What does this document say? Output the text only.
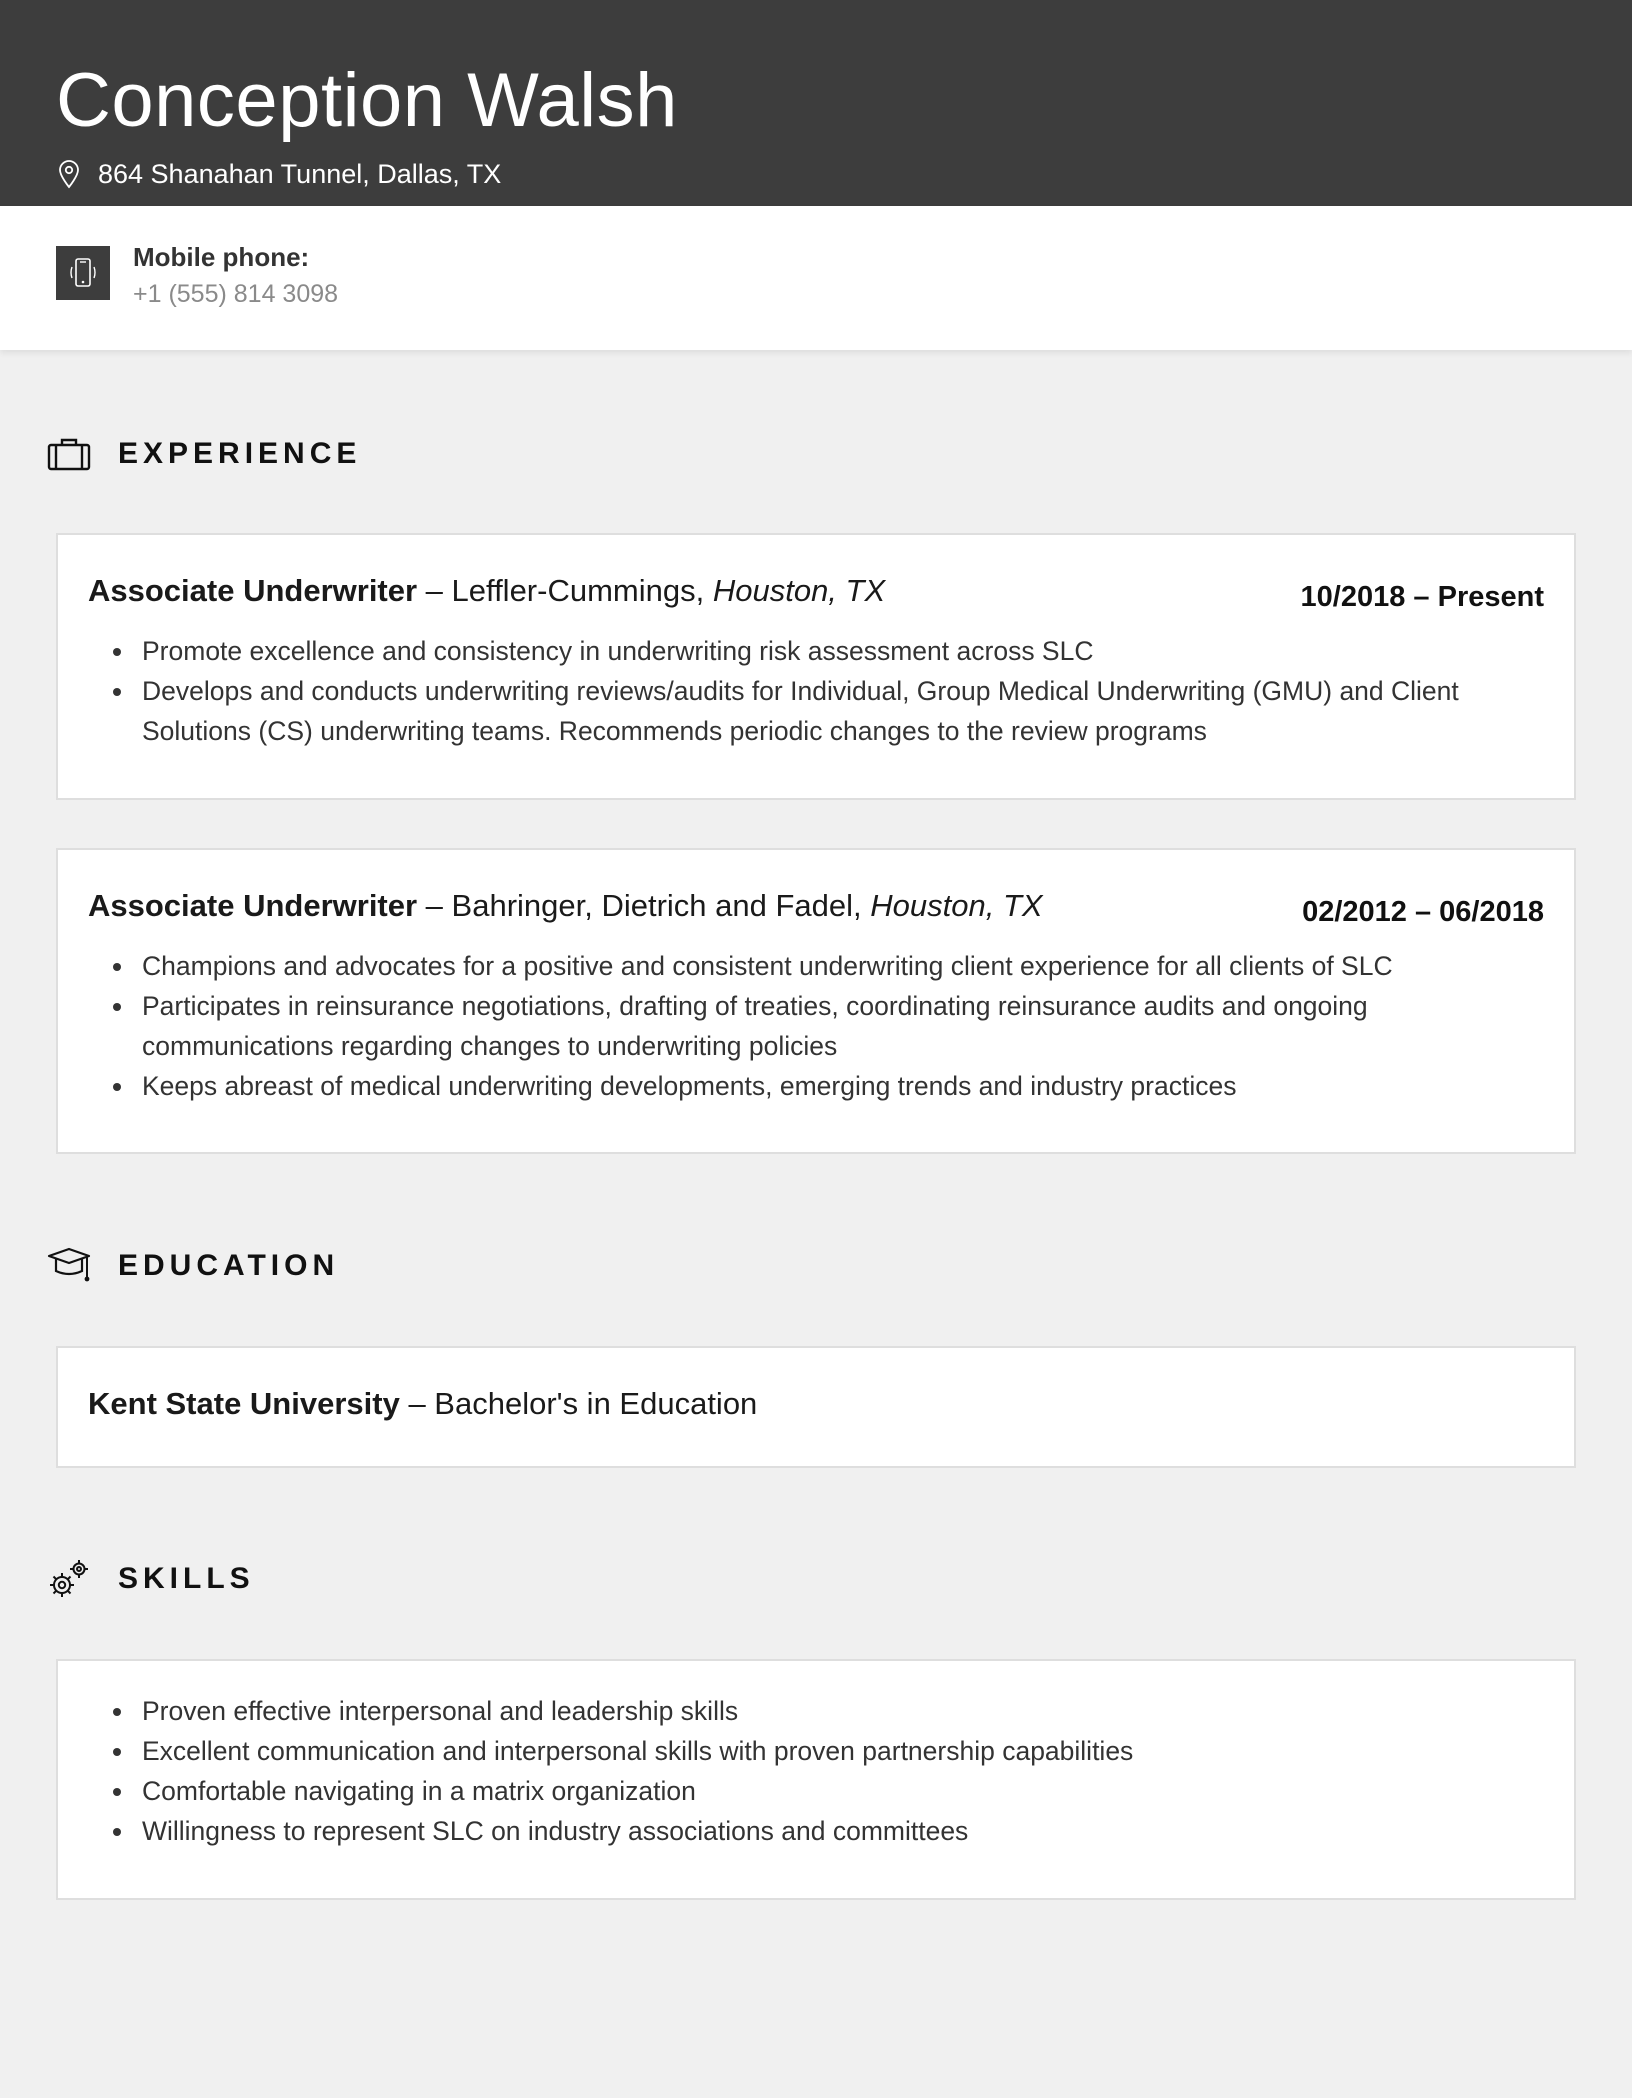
Conception Walsh
864 Shanahan Tunnel, Dallas, TX
Mobile phone:
+1 (555) 814 3098
EXPERIENCE
Associate Underwriter – Leffler-Cummings, Houston, TX	10/2018 – Present
Promote excellence and consistency in underwriting risk assessment across SLC
Develops and conducts underwriting reviews/audits for Individual, Group Medical Underwriting (GMU) and Client Solutions (CS) underwriting teams. Recommends periodic changes to the review programs
Associate Underwriter – Bahringer, Dietrich and Fadel, Houston, TX	02/2012 – 06/2018
Champions and advocates for a positive and consistent underwriting client experience for all clients of SLC
Participates in reinsurance negotiations, drafting of treaties, coordinating reinsurance audits and ongoing communications regarding changes to underwriting policies
Keeps abreast of medical underwriting developments, emerging trends and industry practices
EDUCATION
Kent State University – Bachelor's in Education
SKILLS
Proven effective interpersonal and leadership skills
Excellent communication and interpersonal skills with proven partnership capabilities
Comfortable navigating in a matrix organization
Willingness to represent SLC on industry associations and committees
